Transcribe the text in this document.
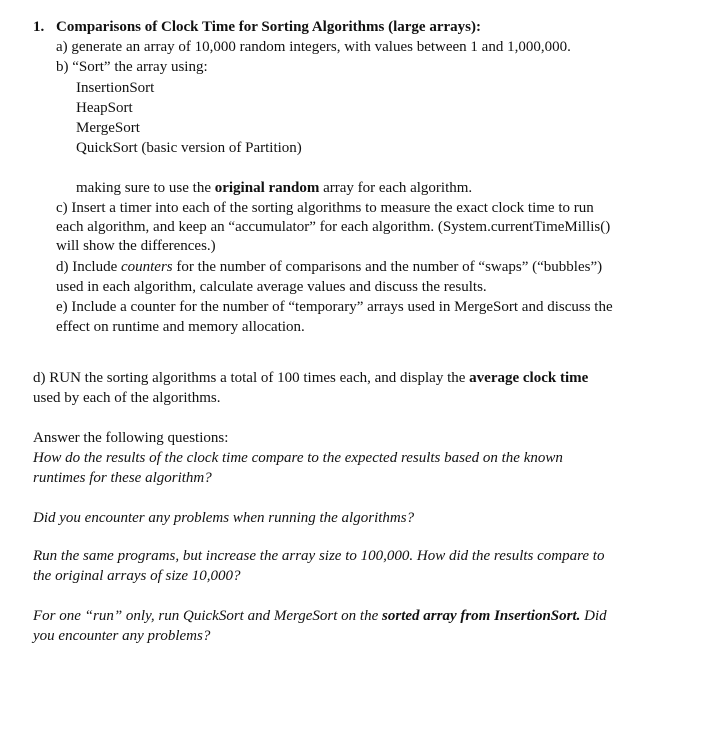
1. Comparisons of Clock Time for Sorting Algorithms (large arrays):
a) generate an array of 10,000 random integers, with values between 1 and 1,000,000.
b) “Sort” the array using:
InsertionSort
HeapSort
MergeSort
QuickSort (basic version of Partition)
making sure to use the original random array for each algorithm.
c) Insert a timer into each of the sorting algorithms to measure the exact clock time to run
each algorithm, and keep an “accumulator” for each algorithm. (System.currentTimeMillis()
will show the differences.)
d) Include counters for the number of comparisons and the number of “swaps” (“bubbles”)
used in each algorithm, calculate average values and discuss the results.
e) Include a counter for the number of “temporary” arrays used in MergeSort and discuss the
effect on runtime and memory allocation.
d) RUN the sorting algorithms a total of 100 times each, and display the average clock time
used by each of the algorithms.
Answer the following questions:
How do the results of the clock time compare to the expected results based on the known
runtimes for these algorithm?
Did you encounter any problems when running the algorithms?
Run the same programs, but increase the array size to 100,000. How did the results compare to
the original arrays of size 10,000?
For one “run” only, run QuickSort and MergeSort on the sorted array from InsertionSort. Did
you encounter any problems?
